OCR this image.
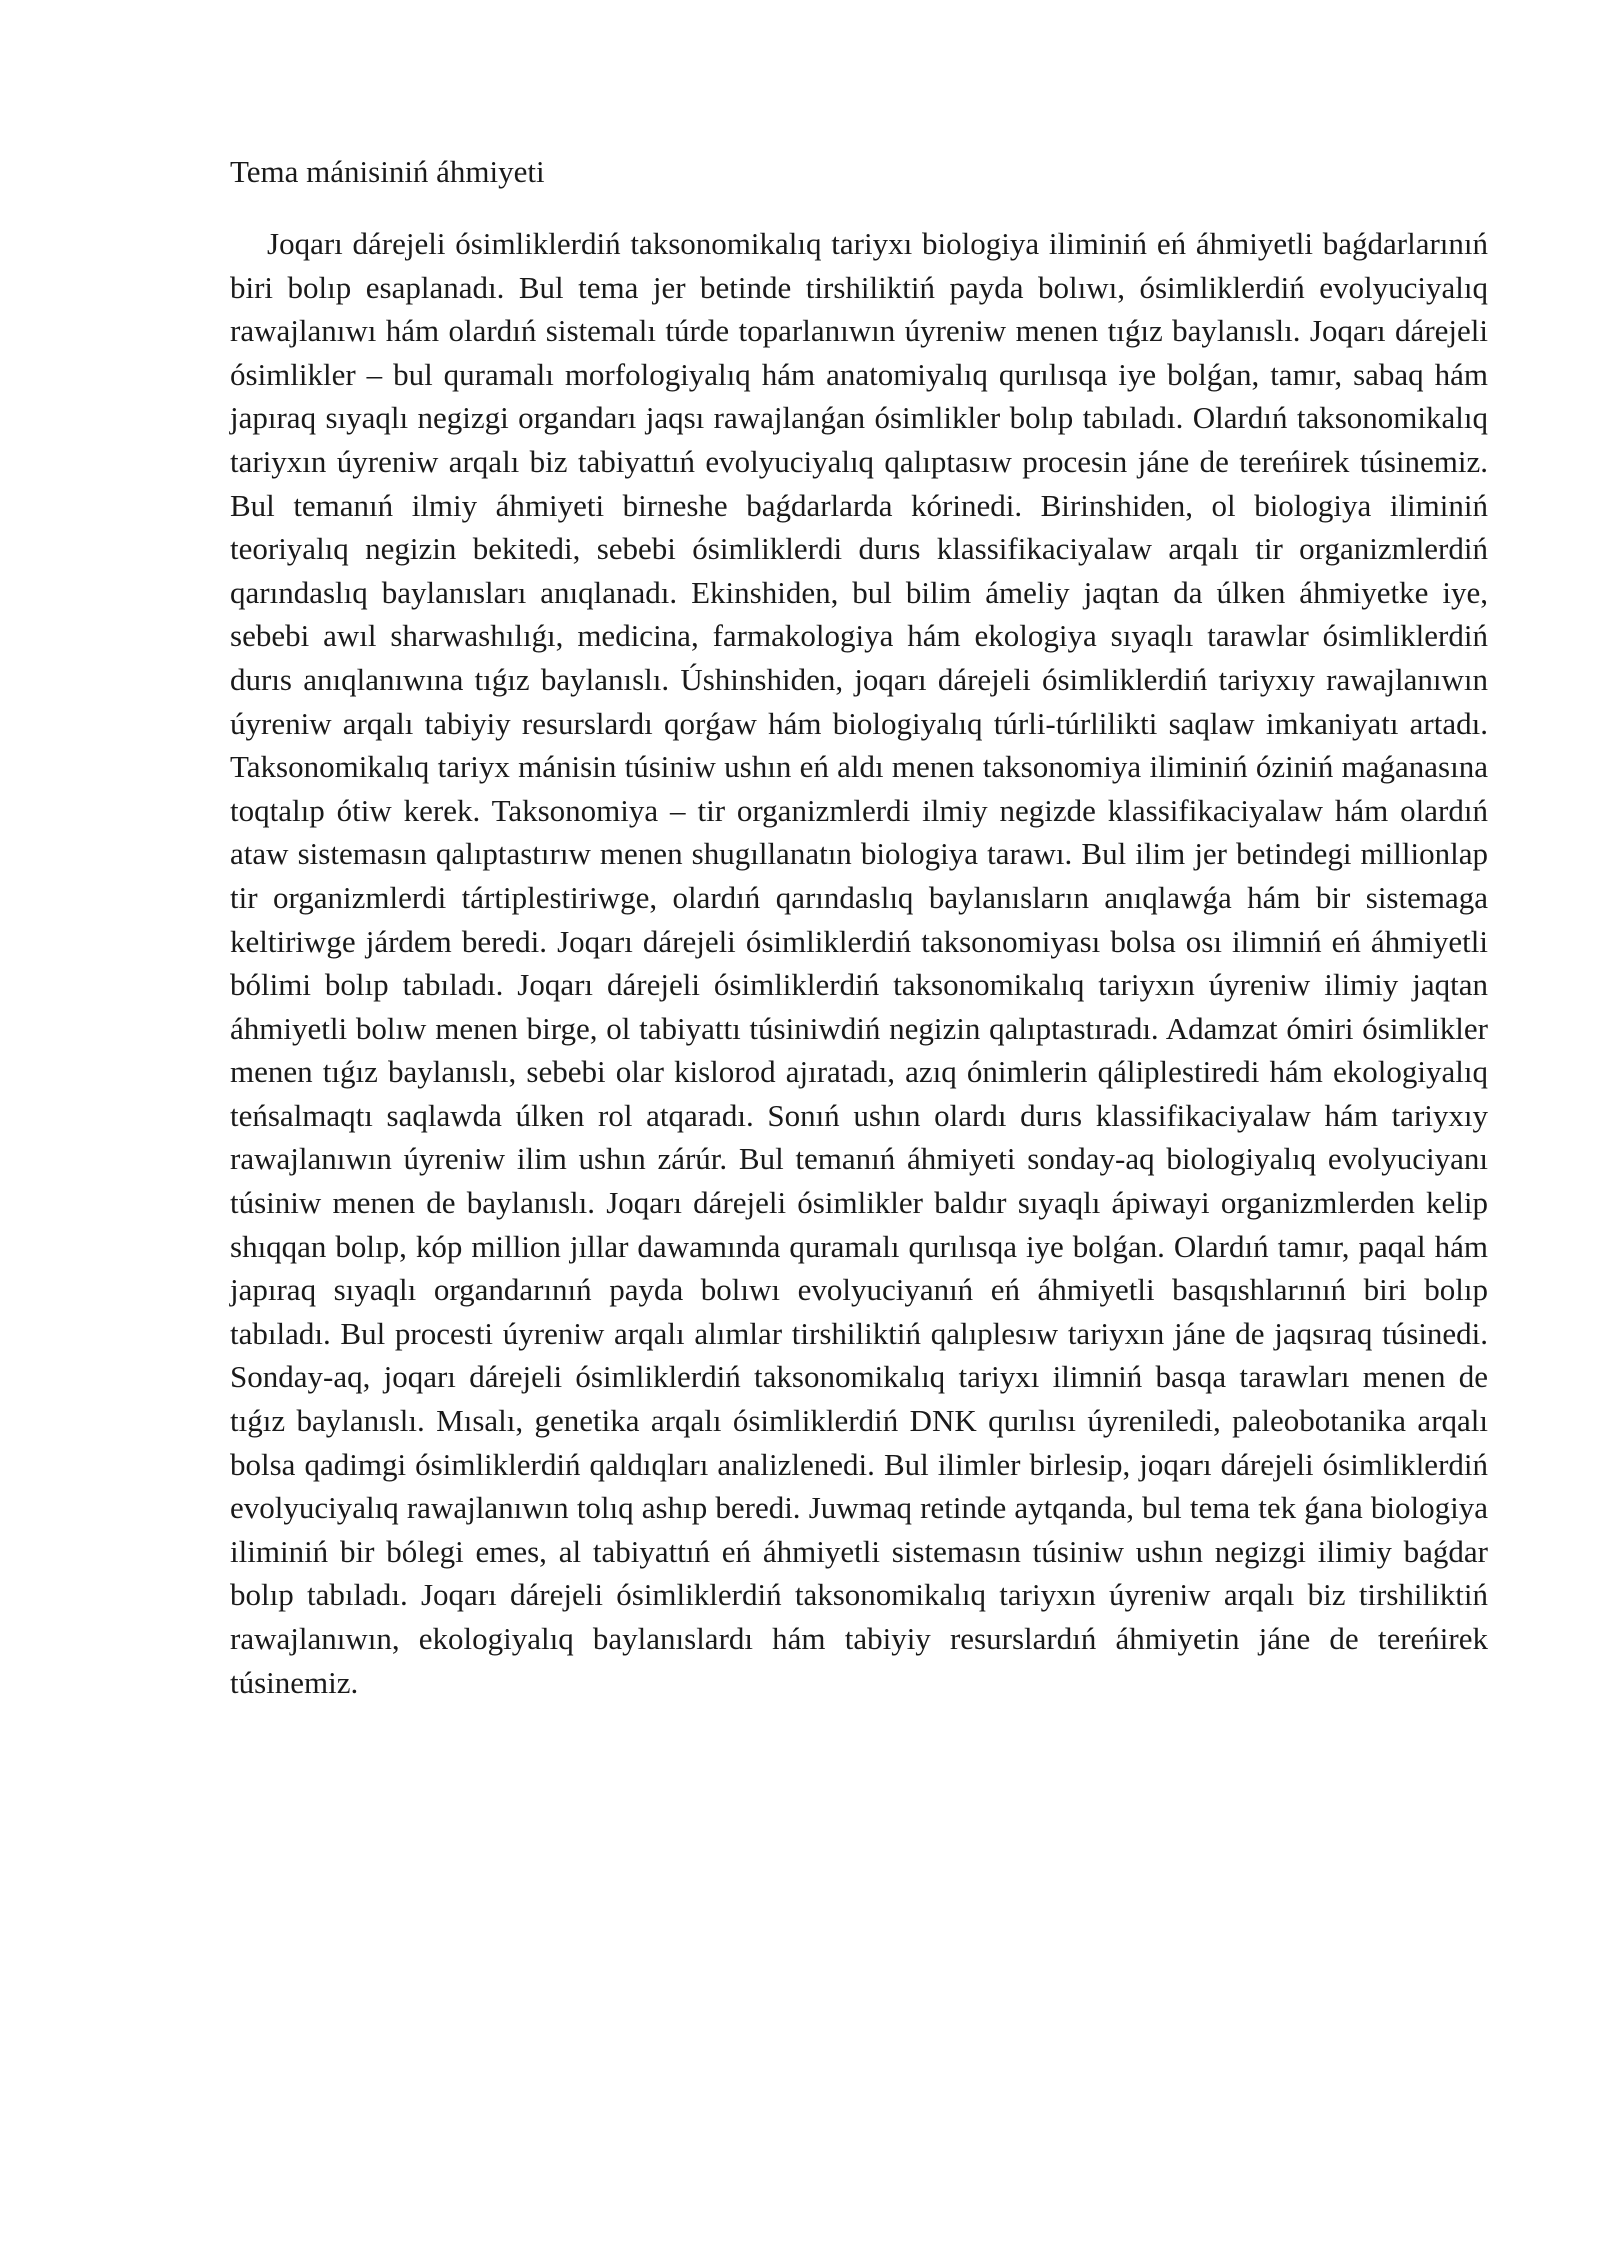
Tema mánisiniń áhmiyeti

Joqarı dárejeli ósimliklerdiń taksonomikalıq tariyxı biologiya iliminiń eń áhmiyetli baǵdarlarınıń biri bolıp esaplanadı. Bul tema jer betinde tirshiliktiń payda bolıwı, ósimliklerdiń evolyuciyalıq rawajlanıwı hám olardıń sistemalı túrde toparlanıwın úyreniw menen tıǵız baylanıslı. Joqarı dárejeli ósimlikler – bul quramalı morfologiyalıq hám anatomiyalıq qurılısqa iye bolǵan, tamır, sabaq hám japıraq sıyaqlı negizgi organdarı jaqsı rawajlanǵan ósimlikler bolıp tabıladı. Olardıń taksonomikalıq tariyxın úyreniw arqalı biz tabiyattıń evolyuciyalıq qalıptasıw procesin jáne de tereńirek túsinemiz. Bul temanıń ilmiy áhmiyeti birneshe baǵdarlarda kórinedi. Birinshiden, ol biologiya iliminiń teoriyalıq negizin bekitedi, sebebi ósimliklerdi durıs klassifikaciyalaw arqalı tir organizmlerdiń qarındaslıq baylanısları anıqlanadı. Ekinshiden, bul bilim ámeliy jaqtan da úlken áhmiyetke iye, sebebi awıl sharwashılıǵı, medicina, farmakologiya hám ekologiya sıyaqlı tarawlar ósimliklerdiń durıs anıqlanıwına tıǵız baylanıslı. Úshinshiden, joqarı dárejeli ósimliklerdiń tariyxıy rawajlanıwın úyreniw arqalı tabiyiy resurslardı qorǵaw hám biologiyalıq túrli-túrlilikti saqlaw imkaniyatı artadı. Taksonomikalıq tariyx mánisin túsiniw ushın eń aldı menen taksonomiya iliminiń óziniń maǵanasına toqtalıp ótiw kerek. Taksonomiya – tir organizmlerdi ilmiy negizde klassifikaciyalaw hám olardıń ataw sistemasın qalıptastırıw menen shugıllanatın biologiya tarawı. Bul ilim jer betindegi millionlap tir organizmlerdi tártiplestiriwge, olardıń qarındaslıq baylanısların anıqlawǵa hám bir sistemaga keltiriwge járdem beredi. Joqarı dárejeli ósimliklerdiń taksonomiyası bolsa osı ilimniń eń áhmiyetli bólimi bolıp tabıladı. Joqarı dárejeli ósimliklerdiń taksonomikalıq tariyxın úyreniw ilimiy jaqtan áhmiyetli bolıw menen birge, ol tabiyattı túsiniwdiń negizin qalıptastıradı. Adamzat ómiri ósimlikler menen tıǵız baylanıslı, sebebi olar kislorod ajıratadı, azıq ónimlerin qáliplestiredi hám ekologiyalıq teńsalmaqtı saqlawda úlken rol atqaradı. Sonıń ushın olardı durıs klassifikaciyalaw hám tariyxıy rawajlanıwın úyreniw ilim ushın zárúr. Bul temanıń áhmiyeti sonday-aq biologiyalıq evolyuciyanı túsiniw menen de baylanıslı. Joqarı dárejeli ósimlikler baldır sıyaqlı ápiwayi organizmlerden kelip shıqqan bolıp, kóp million jıllar dawamında quramalı qurılısqa iye bolǵan. Olardıń tamır, paqal hám japıraq sıyaqlı organdarınıń payda bolıwı evolyuciyanıń eń áhmiyetli basqıshlarınıń biri bolıp tabıladı. Bul procesti úyreniw arqalı alımlar tirshiliktiń qalıplesıw tariyxın jáne de jaqsıraq túsinedi. Sonday-aq, joqarı dárejeli ósimliklerdiń taksonomikalıq tariyxı ilimniń basqa tarawları menen de tıǵız baylanıslı. Mısalı, genetika arqalı ósimliklerdiń DNK qurılısı úyreniledi, paleobotanika arqalı bolsa qadimgi ósimliklerdiń qaldıqları analizlenedi. Bul ilimler birlesip, joqarı dárejeli ósimliklerdiń evolyuciyalıq rawajlanıwın tolıq ashıp beredi. Juwmaq retinde aytqanda, bul tema tek ǵana biologiya iliminiń bir bólegi emes, al tabiyattıń eń áhmiyetli sistemasın túsiniw ushın negizgi ilimiy baǵdar bolıp tabıladı. Joqarı dárejeli ósimliklerdiń taksonomikalıq tariyxın úyreniw arqalı biz tirshiliktiń rawajlanıwın, ekologiyalıq baylanıslardı hám tabiyiy resurslardıń áhmiyetin jáne de tereńirek túsinemiz.
